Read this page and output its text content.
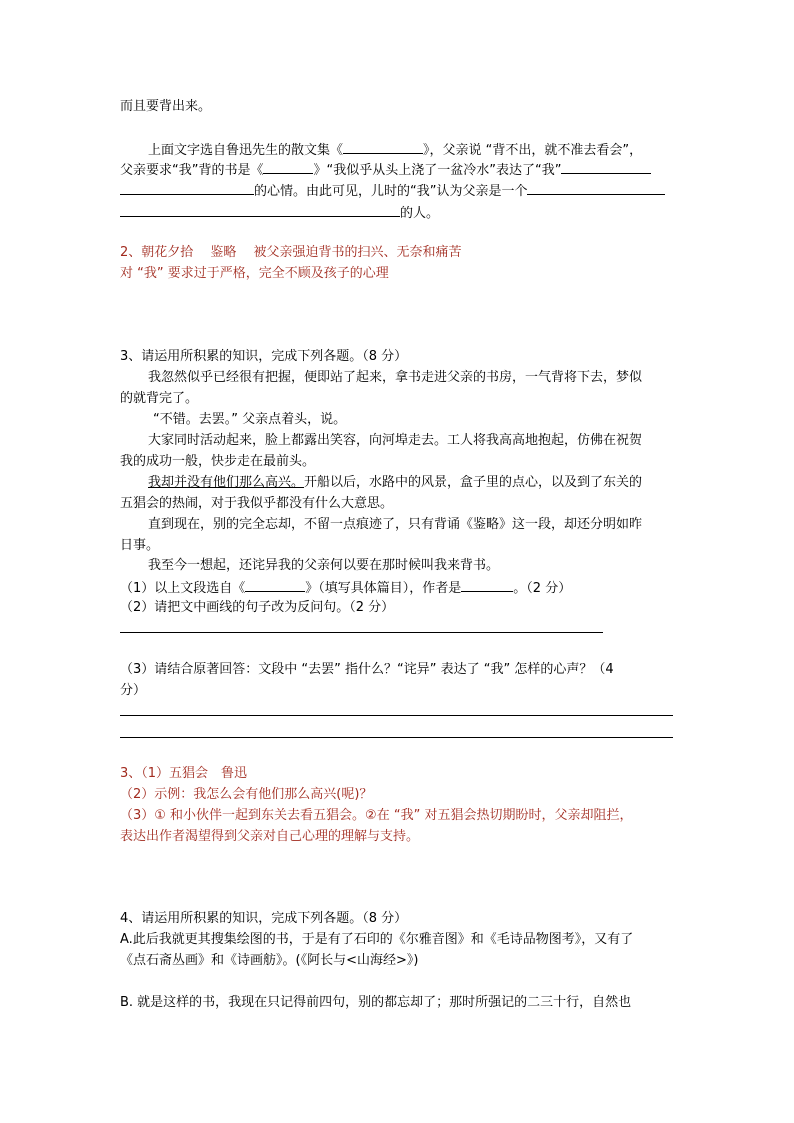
而且要背出来。
上面文字选自鲁迅先生的散文集《	》，父亲说 “背不出，就不准去看会”，
父亲要求“我”背的书是《	》“我似乎从头上浇了一盆冷水”表达了“我”
的心情。由此可见，儿时的“我”认为父亲是一个
的人。
2、朝花夕拾　 鉴略　 被父亲强迫背书的扫兴、无奈和痛苦
对 “我” 要求过于严格，完全不顾及孩子的心理
3、请运用所积累的知识，完成下列各题。（8 分）
我忽然似乎已经很有把握，便即站了起来，拿书走进父亲的书房，一气背将下去，梦似
的就背完了。
“不错。去罢。” 父亲点着头，说。
大家同时活动起来，脸上都露出笑容，向河埠走去。工人将我高高地抱起，仿佛在祝贺
我的成功一般，快步走在最前头。
我却并没有他们那么高兴。开船以后，水路中的风景，盒子里的点心，以及到了东关的
五猖会的热闹，对于我似乎都没有什么大意思。
直到现在，别的完全忘却，不留一点痕迹了，只有背诵《鉴略》这一段，却还分明如昨
日事。
我至今一想起，还诧异我的父亲何以要在那时候叫我来背书。
（1）以上文段选自《	》（填写具体篇目），作者是	。（2 分）
（2）请把文中画线的句子改为反问句。（2 分）
（3）请结合原著回答：文段中 “去罢” 指什么？“诧异” 表达了 “我” 怎样的心声？（4
分）
3、（1）五猖会　鲁迅
（2）示例：我怎么会有他们那么高兴(呢)？
（3）① 和小伙伴一起到东关去看五猖会。②在 “我” 对五猖会热切期盼时，父亲却阻拦，
表达出作者渴望得到父亲对自己心理的理解与支持。
4、请运用所积累的知识，完成下列各题。（8 分）
A.此后我就更其搜集绘图的书，于是有了石印的《尔雅音图》和《毛诗品物图考》，又有了
《点石斋丛画》和《诗画舫》。(《阿长与<山海经>》)
B. 就是这样的书，我现在只记得前四句，别的都忘却了；那时所强记的二三十行，自然也
